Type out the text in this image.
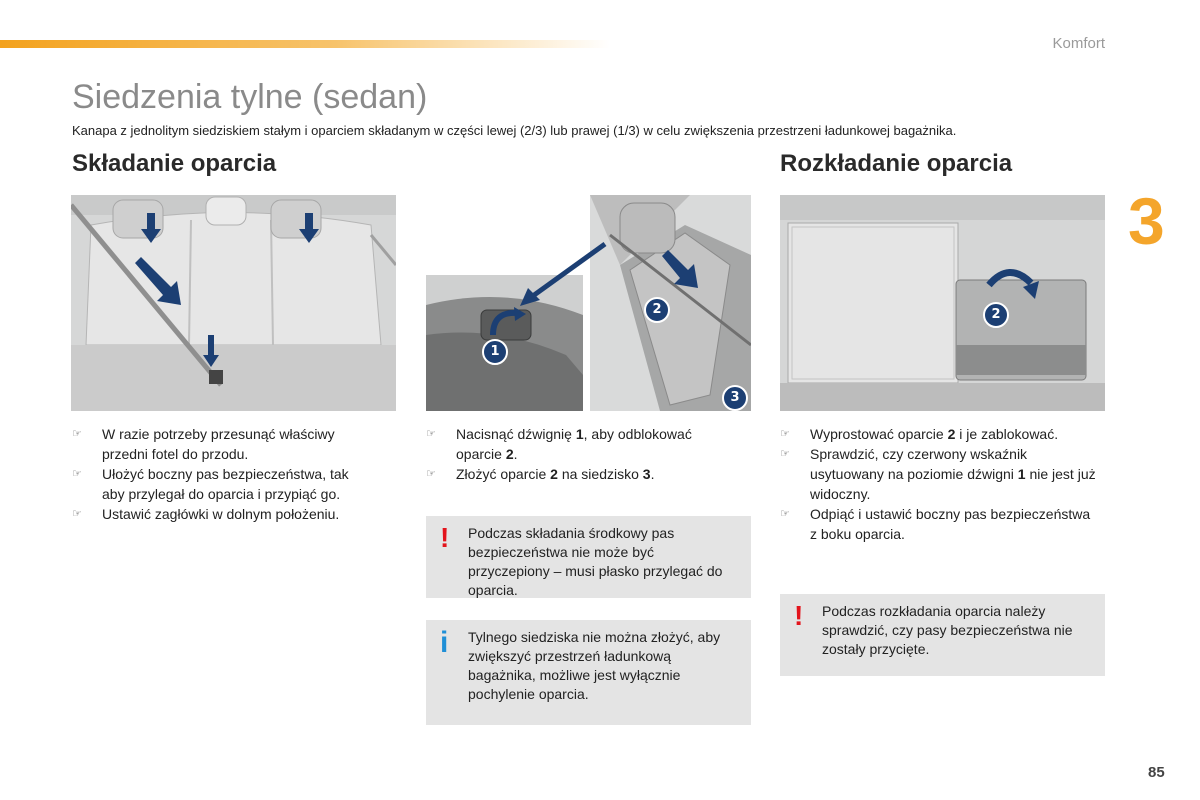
Komfort
3
Siedzenia tylne (sedan)
Kanapa z jednolitym siedziskiem stałym i oparciem składanym w części lewej (2/3) lub prawej (1/3) w celu zwiększenia przestrzeni ładunkowej bagażnika.
Składanie oparcia	Rozkładanie oparcia
1
2
3
2
☞ W razie potrzeby przesunąć właściwy przedni fotel do przodu.
☞ Ułożyć boczny pas bezpieczeństwa, tak aby przylegał do oparcia i przypiąć go.
☞ Ustawić zagłówki w dolnym położeniu.
☞ Nacisnąć dźwignię 1, aby odblokować oparcie 2.
☞ Złożyć oparcie 2 na siedzisko 3.
! Podczas składania środkowy pas bezpieczeństwa nie może być przyczepiony – musi płasko przylegać do oparcia.
i Tylnego siedziska nie można złożyć, aby zwiększyć przestrzeń ładunkową bagażnika, możliwe jest wyłącznie pochylenie oparcia.
☞ Wyprostować oparcie 2 i je zablokować.
☞ Sprawdzić, czy czerwony wskaźnik usytuowany na poziomie dźwigni 1 nie jest już widoczny.
☞ Odpiąć i ustawić boczny pas bezpieczeństwa z boku oparcia.
! Podczas rozkładania oparcia należy sprawdzić, czy pasy bezpieczeństwa nie zostały przycięte.
85
